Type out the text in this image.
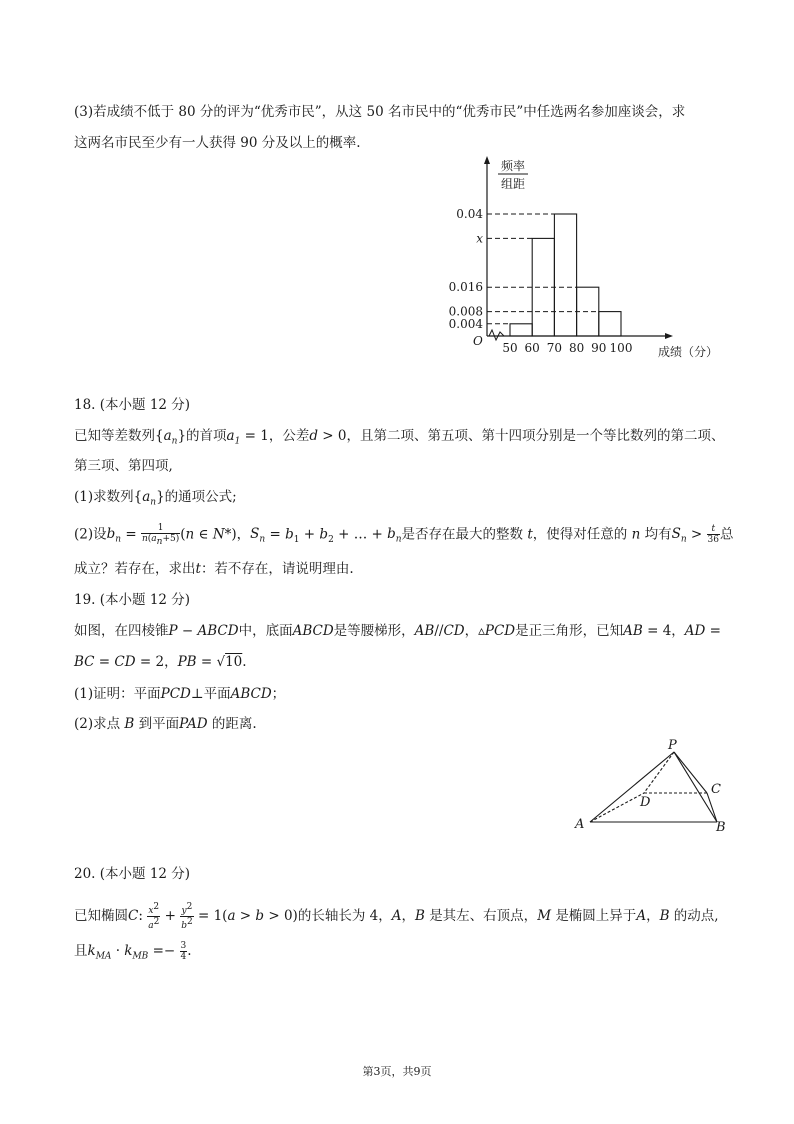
(3)若成绩不低于 80 分的评为“优秀市民”，从这 50 名市民中的“优秀市民”中任选两名参加座谈会，求
这两名市民至少有一人获得 90 分及以上的概率.
频率
组距
成绩（分）
O
0.04
x
0.016
0.008
0.004
50 60 70 80 90 100
18. (本小题 12 分)
已知等差数列$\{a_n\}$的首项$a_1 = 1$，公差d > 0，且第二项、第五项、第十四项分别是一个等比数列的第二项、
第三项、第四项,
(1)求数列$\{a_n\}$的通项公式;
(2)设$b_n = \frac{1}{n(a_n+5)} (n$ ∈ N*)，$S_n = b_1 + b_2$ + … + $b_n$是否存在最大的整数 t，使得对任意的 n 均有$S_n > \frac{t}{36}$ 总
成立？若存在，求出t：若不存在，请说明理由.
19. (本小题 12 分)
如图，在四棱锥P − ABCD中，底面ABCD是等腰梯形，AB//CD，▵PCD是正三角形，已知AB = 4，AD =
BC = CD = 2，PB = √10.
(1)证明：平面PCD⊥平面ABCD；
(2)求点 B 到平面PAD 的距离.
P
A	B
C
D
20. (本小题 12 分)
已知椭圆C: $\frac{x^2}{a^2} + \frac{y^2}{b^2} = 1(a > b > 0)$的长轴长为 4，A，B 是其左、右顶点，M 是椭圆上异于A，B 的动点,
且$k_{MA} \cdot k_{MB} =- \frac{3}{4}$ .
第3页，共9页
